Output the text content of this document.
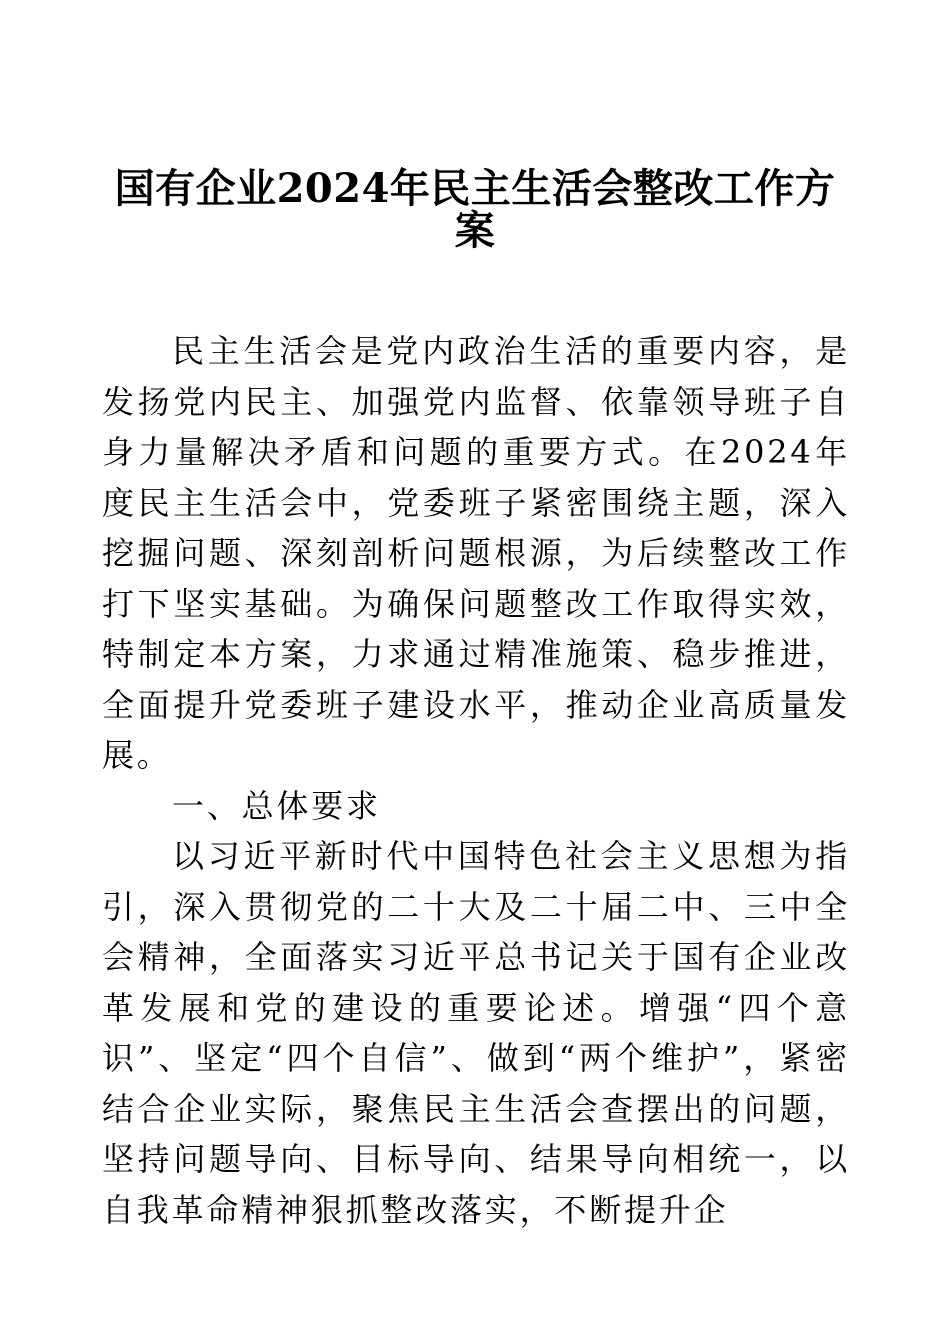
国有企业2024年民主生活会整改工作方
案

民主生活会是党内政治生活的重要内容，是发扬党内民主、加强党内监督、依靠领导班子自身力量解决矛盾和问题的重要方式。在2024年度民主生活会中，党委班子紧密围绕主题，深入挖掘问题、深刻剖析问题根源，为后续整改工作打下坚实基础。为确保问题整改工作取得实效，特制定本方案，力求通过精准施策、稳步推进，全面提升党委班子建设水平，推动企业高质量发展。

一、总体要求

以习近平新时代中国特色社会主义思想为指引，深入贯彻党的二十大及二十届二中、三中全会精神，全面落实习近平总书记关于国有企业改革发展和党的建设的重要论述。增强“四个意识”、坚定“四个自信”、做到“两个维护”，紧密结合企业实际，聚焦民主生活会查摆出的问题，坚持问题导向、目标导向、结果导向相统一，以自我革命精神狠抓整改落实，不断提升企
